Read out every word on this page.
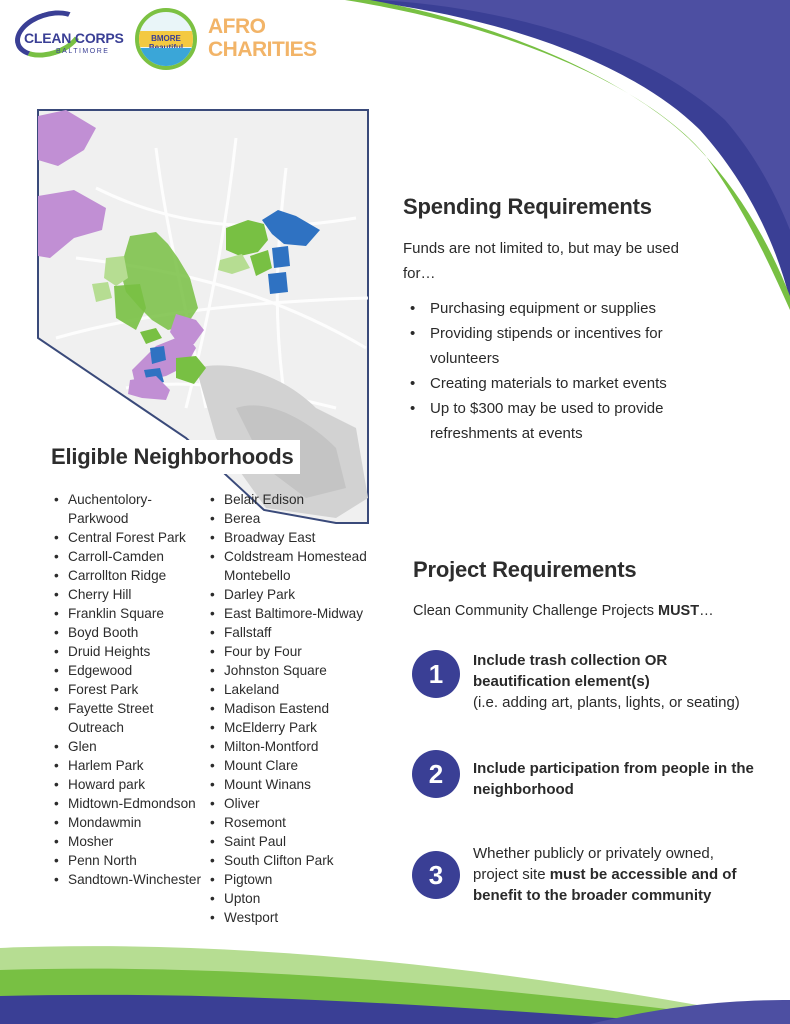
CLEAN CORPS
BALTIMORE
BMORE
AFRO
CHARITIES
Eligible Neighborhoods
• Auchentolory-Parkwood
• Central Forest Park
• Carroll-Camden
• Carrollton Ridge
• Cherry Hill
• Franklin Square
• Boyd Booth
• Druid Heights
• Edgewood
• Forest Park
• Fayette Street Outreach
• Glen
• Harlem Park
• Howard park
• Midtown-Edmondson
• Mondawmin
• Mosher
• Penn North
• Sandtown-Winchester
• Belair Edison
• Berea
• Broadway East
• Coldstream Homestead Montebello
• Darley Park
• East Baltimore-Midway
• Fallstaff
• Four by Four
• Johnston Square
• Lakeland
• Madison Eastend
• McElderry Park
• Milton-Montford
• Mount Clare
• Mount Winans
• Oliver
• Rosemont
• Saint Paul
• South Clifton Park
• Pigtown
• Upton
• Westport
Spending Requirements
Funds are not limited to, but may be used for…
• Purchasing equipment or supplies
• Providing stipends or incentives for volunteers
• Creating materials to market events
• Up to $300 may be used to provide refreshments at events
Project Requirements
Clean Community Challenge Projects MUST…
1	Include trash collection OR beautification element(s)
(i.e. adding art, plants, lights, or seating)
2	Include participation from people in the neighborhood
3
Whether publicly or privately owned, project site must be accessible and of benefit to the broader community
